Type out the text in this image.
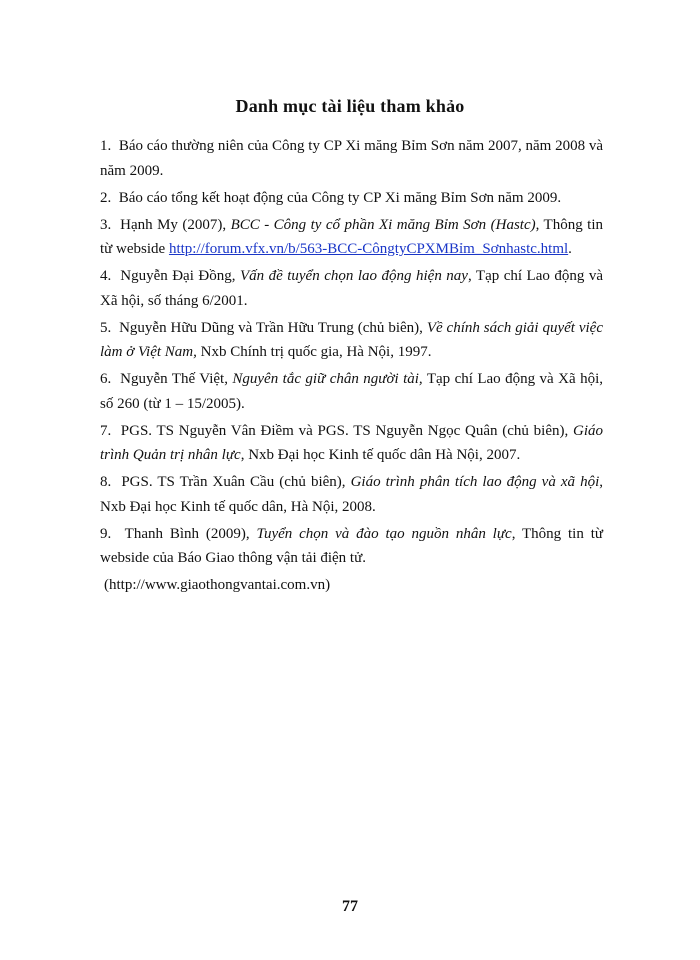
Danh mục tài liệu tham khảo

1. Báo cáo thường niên của Công ty CP Xi măng Bỉm Sơn năm 2007, năm 2008 và năm 2009.

2. Báo cáo tổng kết hoạt động của Công ty CP Xi măng Bỉm Sơn năm 2009.

3. Hạnh My (2007), BCC - Công ty cổ phần Xi măng Bỉm Sơn (Hastc), Thông tin từ webside http://forum.vfx.vn/b/563-BCC-CôngtyCPXMBỉm_Sơnhastc.html.

4. Nguyễn Đại Đồng, Vấn đề tuyển chọn lao động hiện nay, Tạp chí Lao động và Xã hội, số tháng 6/2001.

5. Nguyễn Hữu Dũng và Trần Hữu Trung (chủ biên), Về chính sách giải quyết việc làm ở Việt Nam, Nxb Chính trị quốc gia, Hà Nội, 1997.

6. Nguyễn Thế Việt, Nguyên tắc giữ chân người tài, Tạp chí Lao động và Xã hội, số 260 (từ 1 – 15/2005).

7. PGS. TS Nguyễn Vân Điềm và PGS. TS Nguyễn Ngọc Quân (chủ biên), Giáo trình Quản trị nhân lực, Nxb Đại học Kinh tế quốc dân Hà Nội, 2007.

8. PGS. TS Trần Xuân Cầu (chủ biên), Giáo trình phân tích lao động và xã hội, Nxb Đại học Kinh tế quốc dân, Hà Nội, 2008.

9. Thanh Bình (2009), Tuyển chọn và đào tạo nguồn nhân lực, Thông tin từ webside của Báo Giao thông vận tải điện tử.

(http://www.giaothongvantai.com.vn)

77
